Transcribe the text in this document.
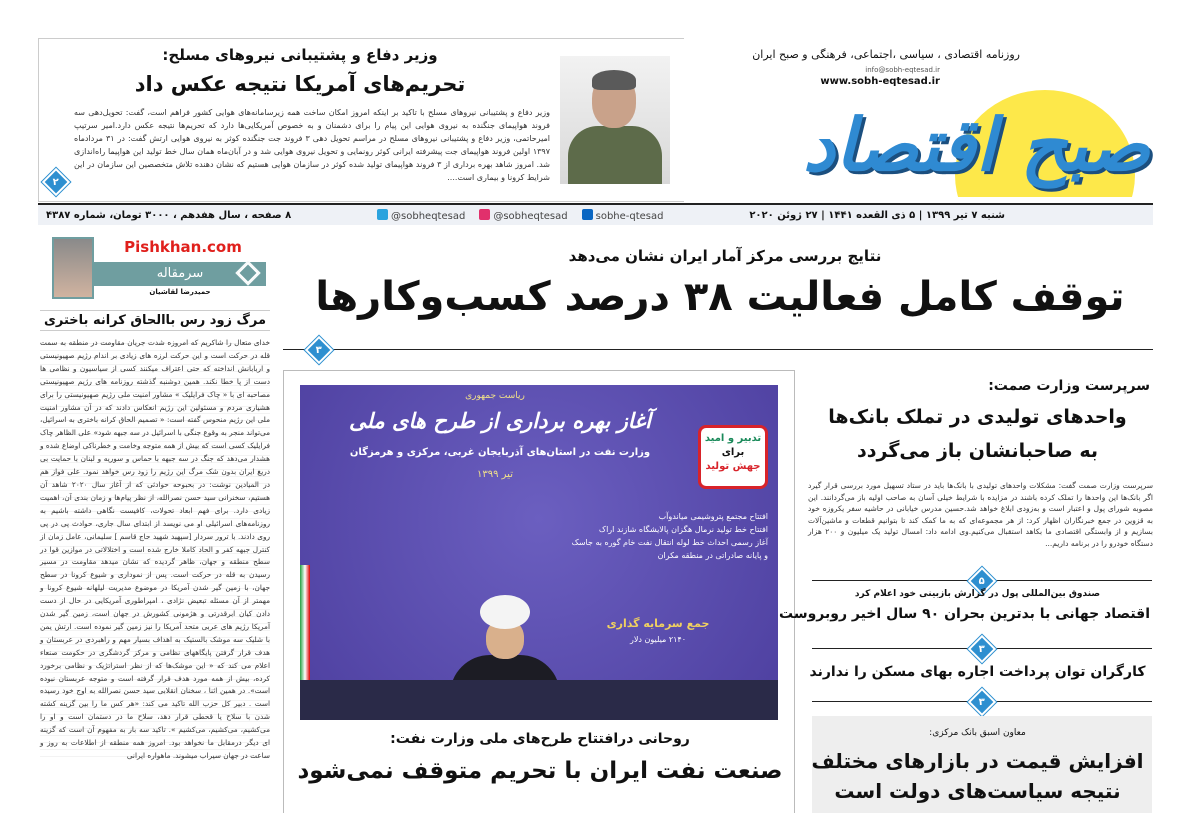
وزیر دفاع و پشتیبانی نیروهای مسلح:
تحریم‌های آمریکا نتیجه عکس داد
وزیر دفاع و پشتیبانی نیروهای مسلح با تاکید بر اینکه امروز امکان ساخت همه زیرسامانه‌های هوایی کشور فراهم است، گفت: تحویل‌دهی سه فروند هواپیمای جنگنده به نیروی هوایی این پیام را برای دشمنان و به خصوص آمریکایی‌ها دارد که تحریم‌ها نتیجه عکس دارد.امیر سرتیپ امیرحاتمی، وزیر دفاع و پشتیبانی نیروهای مسلح در مراسم تحویل دهی ۳ فروند جت جنگنده کوثر به نیروی هوایی ارتش گفت: در ۳۱ مردادماه ۱۳۹۷ اولین فروند هواپیمای جت پیشرفته ایرانی کوثر رونمایی و تحویل نیروی هوایی شد و در آبان‌ماه همان سال خط تولید این هواپیما راه‌اندازی شد. امروز شاهد بهره برداری از ۳ فروند هواپیمای تولید شده کوثر در سازمان هوایی هستیم که نشان دهنده تلاش متخصصین این سازمان در این شرایط کرونا و بیماری است....
۲	صبح اقتصاد
روزنامه اقتصادی ، سیاسی ،اجتماعی، فرهنگی و صبح ایران
info@sobh-eqtesad.ir
www.sobh-eqtesad.ir
۸ صفحه ، سال هفدهم ، ۳۰۰۰ تومان، شماره ۴۳۸۷	@sobheqtesad	@sobheqtesad	sobhe-qtesad	شنبه ۷ تیر ۱۳۹۹ | ۵ ذی القعده ۱۴۴۱ | ۲۷ ژوئن ۲۰۲۰
Pishkhan.com
سرمقاله
حمیدرضا لقاشیان
مرگ زود رس باالحاق کرانه باختری
خدای متعال را شاکریم که امروزه شدت جریان مقاومت در منطقه به سمت قله در حرکت است و این حرکت لرزه های زیادی بر اندام رژیم صهیونیستی و اربابانش انداخته که حتی اعتراف میکنند کسی از سیاسیون و نظامی ها دست از پا خطا نکند. همین دوشنبه گذشته روزنامه های رژیم صهیونیستی مصاحبه ای با « چاک فرایلیک » مشاور امنیت ملی رژیم صهیونیستی را برای هشیاری مردم و مسئولین این رژیم انعکاس دادند که در آن مشاور امنیت ملی این رژیم منحوس گفته است: « تصمیم الحاق کرانه باختری به اسرائیل، می‌تواند منجر به وقوع جنگی با اسرائیل در سه جبهه شود» علی الظاهر چاک فرایلیک کسی است که بیش از همه متوجه وخامت و خطرناکی اوضاع شده و هشدار می‌دهد که جنگ در سه جبهه با حماس و سوریه و لبنان با حمایت بی دریغ ایران بدون شک مرگ این رژیم را زود رس خواهد نمود. علی فواز هم در المیادین نوشت: در بحبوحه حوادثی که از آغاز سال ۲۰۲۰ شاهد آن هستیم، سخنرانی سید حسن نصرالله، از نظر پیام‌ها و زمان بندی آن، اهمیت زیادی دارد. برای فهم ابعاد تحولات، کافیست نگاهی داشته باشیم به روزنامه‌های اسرائیلی او می نویسد از ابتدای سال جاری، حوادث پی در پی روی دادند. با ترور سردار [سپهبد شهید حاج قاسم ] سلیمانی، عامل زمان از کنترل جبهه کفر و الحاد کاملا خارج شده است و اختلالاتی در موازین قوا در سطح منطقه و جهان، ظاهر گردیده که نشان میدهد مقاومت در مسیر رسیدن به قله در حرکت است. پس از نموداری و شیوع کرونا در سطح جهان، با زمین گیر شدن آمریکا در موضوع مدیریت لیلهانه شیوع کرونا و مهمتر از آن مسئله تبعیض نژادی ، امپراطوری آمریکایی در حال از دست دادن کیان ابرقدرتی و هژمونی کشورش در جهان است، زمین گیر شدن آمریکا رژیم های عربی متحد آمریکا را نیز زمین گیر نموده است. ارتش یمن با شلیک سه موشک بالستیک به اهداف بسیار مهم و راهبردی در عربستان و هدف قرار گرفتن پایگاههای نظامی و مرکز گردشگری در حکومت صنعاء اعلام می کند که « این موشک‌ها که از نظر استراتژیک و نظامی برخورد کرده، بیش از همه مورد هدف قرار گرفته است و متوجه عربستان نبوده است». در همین اثنا ، سخنان انقلابی سید حسن نصرالله به اوج خود رسیده است . دبیر کل حزب الله تاکید می کند: «هر کس ما را بین گزینه کشته شدن با سلاح یا قحطی قرار دهد، سلاح ما در دستمان است و او را می‌کشیم، می‌کشیم، می‌کشیم ». تاکید سه بار به مفهوم آن است که گزینه ای دیگر درمقابل ما نخواهد بود. امروز همه منطقه از اطلاعات به روز و ساعت در جهان سیراب میشوند. ماهواره ایرانی
نتایج بررسی مرکز آمار ایران نشان می‌دهد
توقف کامل فعالیت ۳۸ درصد کسب‌و‌کار‌ها
۳
ریاست جمهوری
آغاز بهره برداری از طرح های ملی
وزارت نفت در استان‌های آذربایجان غربی، مرکزی و هرمزگان
تیر ۱۳۹۹
تدبیر و امید
برای
جهش تولید
افتتاح مجتمع پتروشیمی میاندوآب
افتتاح خط تولید نرمال هگزان پالایشگاه شازند اراک
آغاز رسمی احداث خط لوله انتقال نفت خام گوره به جاسک
و پایانه صادراتی در منطقه مکران
جمع سرمایه گذاری
۲۱۴۰ میلیون دلار
روحانی درافتتاح طرح‌های ملی وزارت نفت:
صنعت نفت ایران با تحریم متوقف نمی‌شود
سرپرست وزارت صمت:
واحدهای تولیدی در تملک بانک‌ها
به صاحبانشان باز می‌گردد
سرپرست وزارت صمت گفت: مشکلات واحدهای تولیدی با بانک‌ها باید در ستاد تسهیل مورد بررسی قرار گیرد اگر بانک‌ها این واحدها را تملک کرده باشند در مزایده با شرایط خیلی آسان به صاحب اولیه باز می‌گردانند. این مصوبه شورای پول و اعتبار است و به‌زودی ابلاغ خواهد شد.حسین مدرس خیابانی در حاشیه سفر یکروزه خود به قزوین در جمع خبرنگاران اظهار کرد: از هر مجموعه‌ای که به ما کمک کند تا بتوانیم قطعات و ماشین‌آلات بسازیم و از وابستگی اقتصادی ما بکاهد استقبال می‌کنیم.وی ادامه داد: امسال تولید یک میلیون و ۲۰۰ هزار دستگاه خودرو را در برنامه داریم...
۵
صندوق بین‌المللی پول در گزارش بازبینی خود اعلام کرد
اقتصاد جهانی با بدترین بحران ۹۰ سال اخیر روبروست
۳
کارگران توان پرداخت اجاره بهای مسکن را ندارند
۳
معاون اسبق بانک مرکزی:
افزایش قیمت در بازارهای مختلف
نتیجه سیاست‌های دولت است
